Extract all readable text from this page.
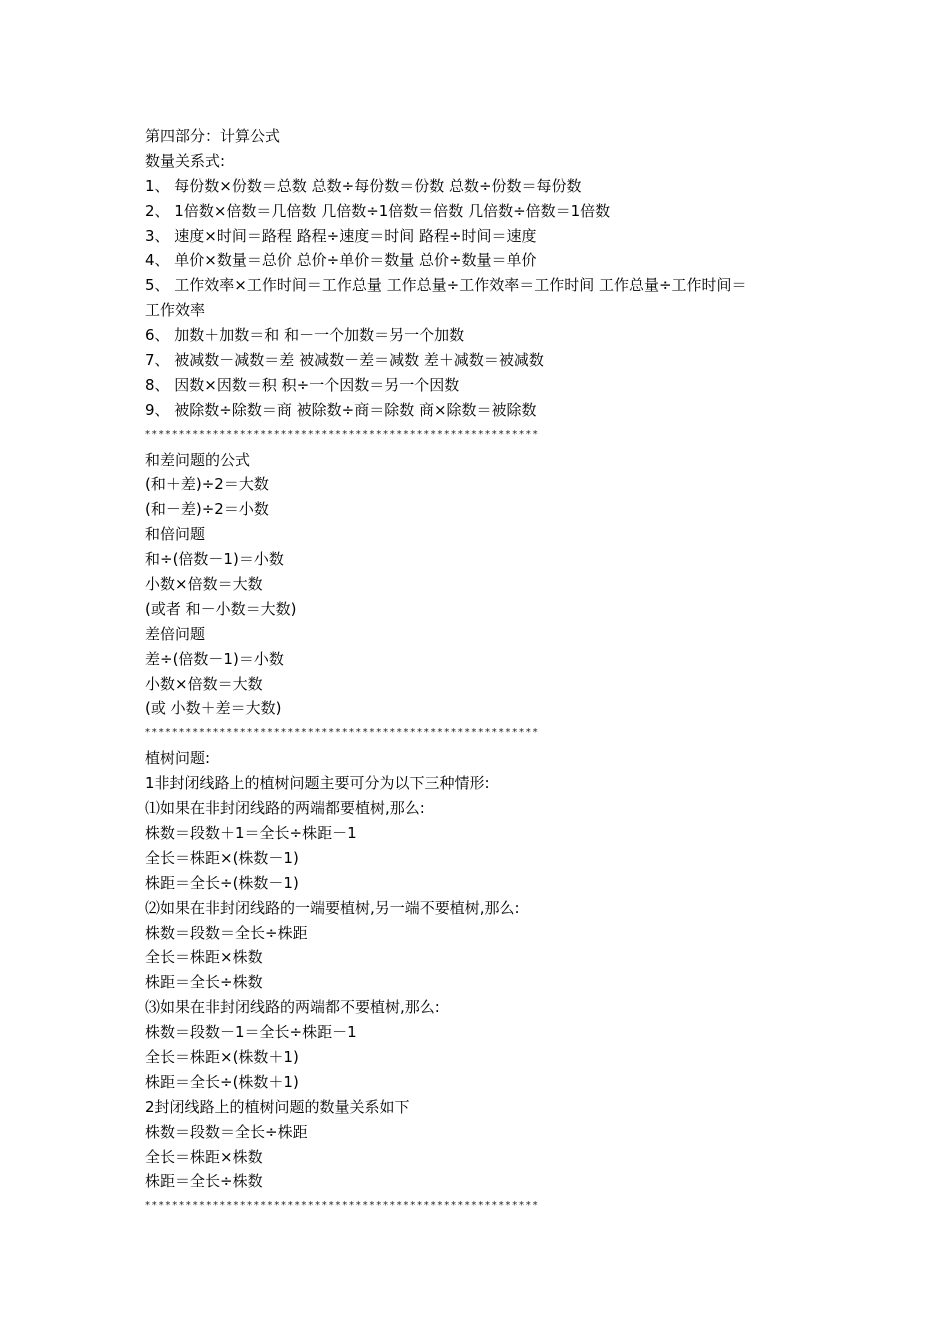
第四部分：计算公式
数量关系式:
1、 每份数×份数＝总数 总数÷每份数＝份数 总数÷份数＝每份数
2、 1倍数×倍数＝几倍数 几倍数÷1倍数＝倍数 几倍数÷倍数＝1倍数
3、 速度×时间＝路程 路程÷速度＝时间 路程÷时间＝速度
4、 单价×数量＝总价 总价÷单价＝数量 总价÷数量＝单价
5、 工作效率×工作时间＝工作总量 工作总量÷工作效率＝工作时间 工作总量÷工作时间＝
工作效率
6、 加数＋加数＝和 和－一个加数＝另一个加数
7、 被减数－减数＝差 被减数－差＝减数 差＋减数＝被减数
8、 因数×因数＝积 积÷一个因数＝另一个因数
9、 被除数÷除数＝商 被除数÷商＝除数 商×除数＝被除数
**********************************************************
和差问题的公式
(和＋差)÷2＝大数
(和－差)÷2＝小数
和倍问题
和÷(倍数－1)＝小数
小数×倍数＝大数
(或者 和－小数＝大数)
差倍问题
差÷(倍数－1)＝小数
小数×倍数＝大数
(或 小数＋差＝大数)
**********************************************************
植树问题:
1非封闭线路上的植树问题主要可分为以下三种情形:
⑴如果在非封闭线路的两端都要植树,那么:
株数＝段数＋1＝全长÷株距－1
全长＝株距×(株数－1)
株距＝全长÷(株数－1)
⑵如果在非封闭线路的一端要植树,另一端不要植树,那么:
株数＝段数＝全长÷株距
全长＝株距×株数
株距＝全长÷株数
⑶如果在非封闭线路的两端都不要植树,那么:
株数＝段数－1＝全长÷株距－1
全长＝株距×(株数＋1)
株距＝全长÷(株数＋1)
2封闭线路上的植树问题的数量关系如下
株数＝段数＝全长÷株距
全长＝株距×株数
株距＝全长÷株数
**********************************************************
